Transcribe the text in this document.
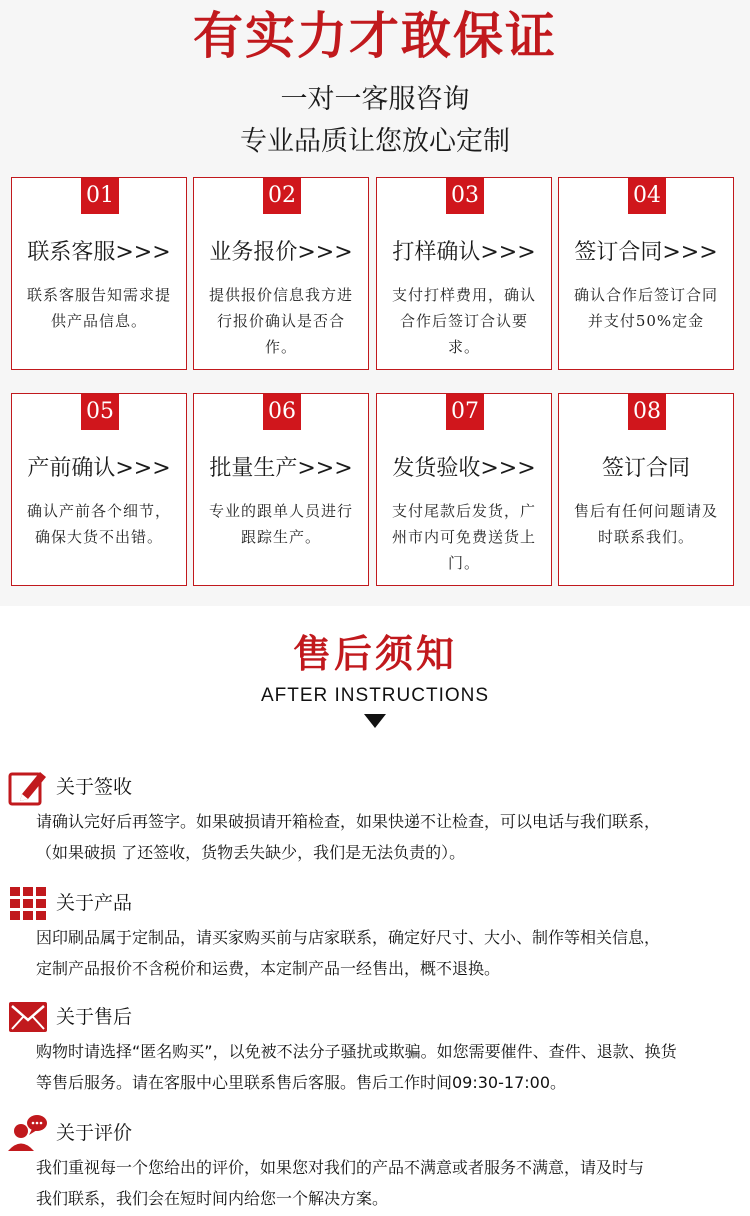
有实力才敢保证
一对一客服咨询
专业品质让您放心定制
01
联系客服>>>
联系客服告知需求提供产品信息。
02
业务报价>>>
提供报价信息我方进行报价确认是否合作。
03
打样确认>>>
支付打样费用，确认合作后签订合认要求。
04
签订合同>>>
确认合作后签订合同并支付50%定金
05
产前确认>>>
确认产前各个细节，确保大货不出错。
06
批量生产>>>
专业的跟单人员进行跟踪生产。
07
发货验收>>>
支付尾款后发货，广州市内可免费送货上门。
08
签订合同
售后有任何问题请及时联系我们。
售后须知
AFTER INSTRUCTIONS
关于签收

请确认完好后再签字。如果破损请开箱检查，如果快递不让检查，可以电话与我们联系，

（如果破损 了还签收，货物丢失缺少，我们是无法负责的）。

关于产品

因印刷品属于定制品，请买家购买前与店家联系，确定好尺寸、大小、制作等相关信息，

定制产品报价不含税价和运费，本定制产品一经售出，概不退换。

关于售后

购物时请选择“匿名购买”，以免被不法分子骚扰或欺骗。如您需要催件、查件、退款、换货

等售后服务。请在客服中心里联系售后客服。售后工作时间09:30-17:00。

关于评价

我们重视每一个您给出的评价，如果您对我们的产品不满意或者服务不满意，请及时与

我们联系，我们会在短时间内给您一个解决方案。
